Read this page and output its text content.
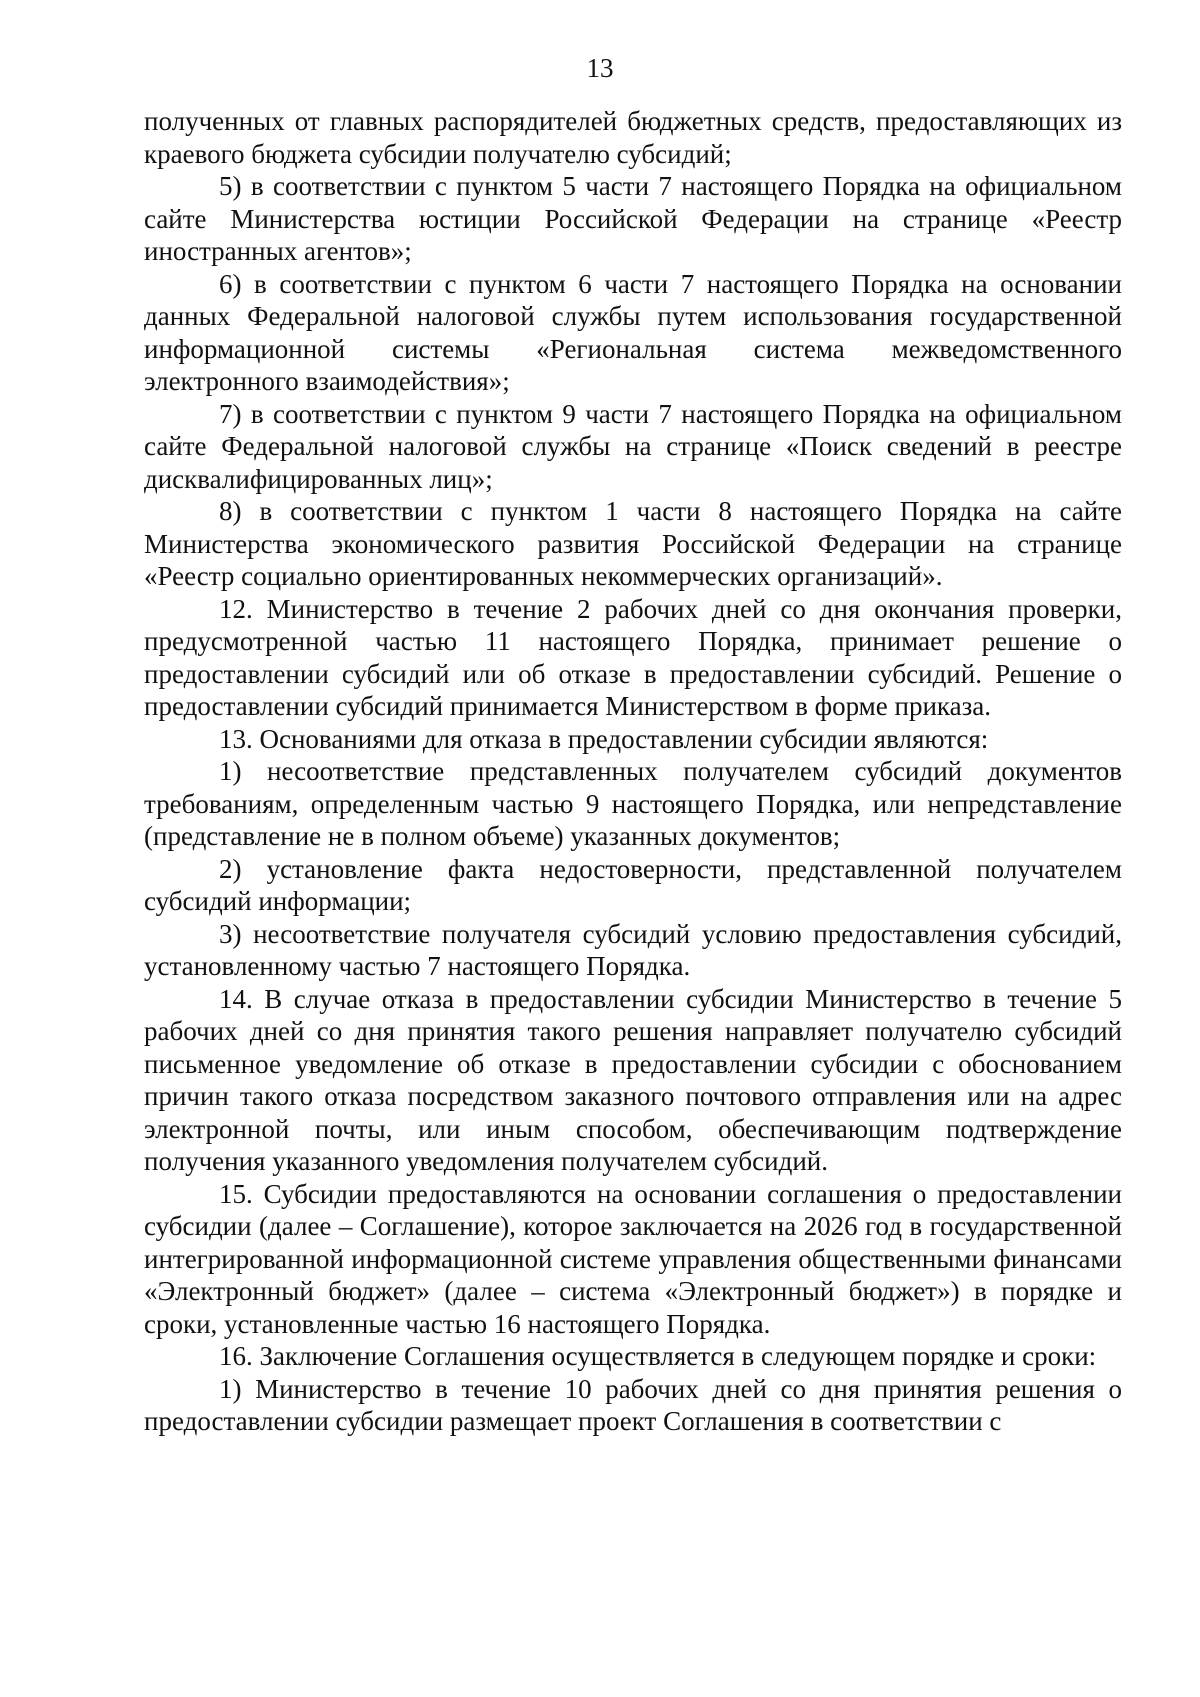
13

полученных от главных распорядителей бюджетных средств, предоставляющих из краевого бюджета субсидии получателю субсидий;

5) в соответствии с пунктом 5 части 7 настоящего Порядка на официальном сайте Министерства юстиции Российской Федерации на странице «Реестр иностранных агентов»;

6) в соответствии с пунктом 6 части 7 настоящего Порядка на основании данных Федеральной налоговой службы путем использования государственной информационной системы «Региональная система межведомственного электронного взаимодействия»;

7) в соответствии с пунктом 9 части 7 настоящего Порядка на официальном сайте Федеральной налоговой службы на странице «Поиск сведений в реестре дисквалифицированных лиц»;

8) в соответствии с пунктом 1 части 8 настоящего Порядка на сайте Министерства экономического развития Российской Федерации на странице «Реестр социально ориентированных некоммерческих организаций».

12. Министерство в течение 2 рабочих дней со дня окончания проверки, предусмотренной частью 11 настоящего Порядка, принимает решение о предоставлении субсидий или об отказе в предоставлении субсидий. Решение о предоставлении субсидий принимается Министерством в форме приказа.

13. Основаниями для отказа в предоставлении субсидии являются:

1) несоответствие представленных получателем субсидий документов требованиям, определенным частью 9 настоящего Порядка, или непредставление (представление не в полном объеме) указанных документов;

2) установление факта недостоверности, представленной получателем субсидий информации;

3) несоответствие получателя субсидий условию предоставления субсидий, установленному частью 7 настоящего Порядка.

14. В случае отказа в предоставлении субсидии Министерство в течение 5 рабочих дней со дня принятия такого решения направляет получателю субсидий письменное уведомление об отказе в предоставлении субсидии с обоснованием причин такого отказа посредством заказного почтового отправления или на адрес электронной почты, или иным способом, обеспечивающим подтверждение получения указанного уведомления получателем субсидий.

15. Субсидии предоставляются на основании соглашения о предоставлении субсидии (далее – Соглашение), которое заключается на 2026 год в государственной интегрированной информационной системе управления общественными финансами «Электронный бюджет» (далее – система «Электронный бюджет») в порядке и сроки, установленные частью 16 настоящего Порядка.

16. Заключение Соглашения осуществляется в следующем порядке и сроки:

1) Министерство в течение 10 рабочих дней со дня принятия решения о предоставлении субсидии размещает проект Соглашения в соответствии с
